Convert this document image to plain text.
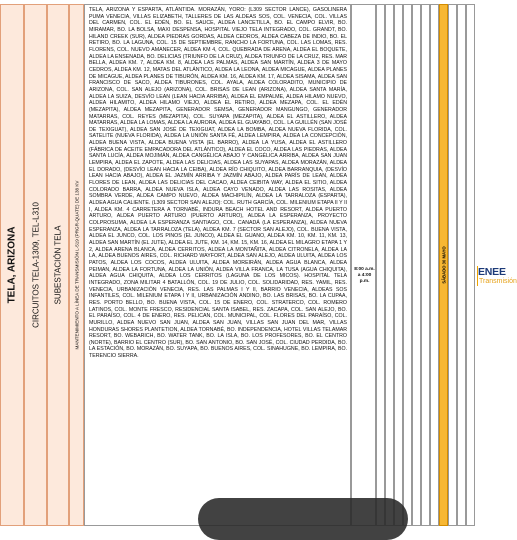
TELA, ARIZONA CIRCUITOS TELA-1309, TEL-L310 SUBESTACIÓN TELA	MANTENIMIENTO A LÍNEA DE TRANSMISIÓN L-519 (PRGR-QUATE) DE 138 KV
TELA, ARIZONA Y ESPARTA, ATLÁNTIDA. MORAZÁN, YORO: (L309 SECTOR LANCE), GASOLINERA PUMA VENECIA, VILLAS ELIZABETH, TALLERES DE LAS ALDEAS SOS, COL. VENECIA, COL. VILLAS DEL CARMEN, COL. EL EDÉN, BO. EL SAUCE, ALDEA LANCETILLA, BO. EL CAMPO ELVIR, BO. MIRAMAR, BO. LA BOLSA, MAXI DESPENSA, HOSPITAL VIEJO TELA INTEGRADO, COL. GRANDT, BO. HILAND CREEK (SUR), ALDEA PIEDRAS GORDAS, ALDEA CEDROS, ALDEA CABEZA DE INDIO, BO. EL RETIRO, BO. LA LAGUNA, COL. 15 DE SEPTIEMBRE, RANCHO LA FORTUNA, COL. LAS LOMAS, RES. FLORENS, COL. NUEVO AMANECER, ALDEA KM 4, COL. QUEBRADA DE ARENA, ALDEA EL BOQUETE, ALDEA LA ENSENADA, BO. DELICIAS (TRIUNFO DE LA CRUZ), ALDEA TRIUNFO DE LA CRUZ, RES. MAR BELLA, ALDEA KM. 7, ALDEA KM. 8, ALDEA LAS PALMAS, ALDEA SAN MARTÍN, ALDEA 3 DE MAYO CEDROS, ALDEA KM. 12, MATAS DEL ATLÁNTICO, ALDEA LA LEONA, ALDEA MICAGUE, ALDEA PLANES DE MICAGUE, ALDEA PLANES DE TIBURÓN, ALDEA KM. 16, ALDEA KM. 17, ALDEA SISAMA, ALDEA SAN FRANCISCO DE SACO, ALDEA TIBURONES, COL. AYALA, ALDEA COLORADITO, MUNICIPIO DE ARIZONA, COL. SAN ALEJO (ARIZONA), COL. BRISAS DE LEAN (ARIZONA), ALDEA SANTA MARÍA, ALDEA LA SUIZA, DESVÍO LEAN (LEAN HACIA ARRIBA), ALDEA EL EMPALME, ALDEA HILAMO NUEVO, ALDEA HILAMITO, ALDEA HILAMO VIEJO, ALDEA EL RETIRO, ALDEA MEZAPA, COL. EL EDÉN (MEZAPITA), ALDEA MEZAPITA, GENERADOR SEMSA, GENERADOR MANGUNGO, GENERADOR MATARRAS, COL. REYES (MEZAPITA), COL. SUYAPA (MEZAPITA), ALDEA EL ASTILLERO, ALDEA MATARRAS, ALDEA LA LOMAS, ALDEA LA AURORA, ALDEA EL GUAYABO, COL. LA GUILLÉN (SAN JOSÉ DE TEXIGUAT), ALDEA SAN JOSÉ DE TEXIGUAT, ALDEA LA BOMBA, ALDEA NUEVA FLORIDA, COL. SATELITE (NUEVA FLORIDA), ALDEA LA UNIÓN SANTA FÉ, ALDEA LEMPIRA, ALDEA LA CONCEPCIÓN, ALDEA BUENA VISTA, ALDEA BUENA VISTA (EL BARRO), ALDEA LA YUSA, ALDEA EL ASTILLERO (FÁBRICA DE ACEITE EMPACADORA DEL ATLÁNTICO), ALDEA EL COCO, ALDEA LAS PIEDRAS, ALDEA SANTA LUCÍA, ALDEA MOJIMÁN, ALDEA CANGÉLICA ABAJO Y CANGÉLICA ARRIBA, ALDEA SAN JUAN LEMPIRA, ALDEA EL ZAPOTE, ALDEA LAS DELICIAS, ALDEA LAS SUYAPAS, ALDEA MORAZÁN, ALDEA EL DORADO, (DESVÍO LEAN HACIA LA CEIBA), ALDEA RÍO CHIQUITO, ALDEA BARRANQUIA, (DESVÍO LEAN HACIA ABAJO), ALDEA EL JAZMÍN ARRIBA Y JAZMÍN ABAJO, ALDEA PARÍS DE LEAN, ALDEA FLORES DE LEAN, ALDEA LAS DELICIAS DEL CACAO, ALDEA CEIBITA WAY, ALDEA EL SITIO, ALDEA COLORADO BARRA, ALDEA NUEVA ISLA, ALDEA CAYO VENADO, ALDEA LAS ROSITAS, ALDEA SOMBRA VERDE, ALDEA CAMPO NUEVO, ALDEA MACHIPILÍN, ALDEA LA TARRALOZA (ESPARTA), ALDEA AGUA CALIENTE. (L309 SECTOR SAN ALEJO): COL. RUTH GARCÍA, COL. MILENIUM ETAPA II Y II I, ALDEA KM. 4 CARRETERA A TORNABÉ, INDURA BEACH HOTEL AND RESORT, ALDEA PUERTO ARTURO, ALDEA PUERTO ARTURO (PUERTO ARTURO), ALDEA LA ESPERANZA, PROYECTO COLPROSUMA, ALDEA LA ESPERANZA SANTIAGO, COL. CANADÁ (LA ESPERANZA), ALDEA NUEVA ESPERANZA, ALDEA LA TARRALOZA (TELA), ALDEA KM. 7 (SECTOR SAN ALEJO), COL. BUENA VISTA, ALDEA EL JUNCO, COL. LOS PINOS (EL JUNCO), ALDEA EL GUANO, ALDEA KM. 10, KM. 11, KM. 13, ALDEA SAN MARTÍN (EL JUTE), ALDEA EL JUTE, KM. 14, KM. 15, KM. 16, ALDEA EL MILAGRO ETAPA 1 Y 2, ALDEA ARENA BLANCA, ALDEA CERRITOS, ALDEA LA MONTAÑITA, ALDEA CITRONELA, ALDEA LA LA, ALDEA BUENOS AIRES, COL. RICHARD WAYFORT, ALDEA SAN ALEJO, ALDEA ULUITA, ALDEA LOS PATOS, ALDEA LOS COCOS, ALDEA ULUITA, ALDEA MOREIRÁN, ALDEA AGUA BLANCA, ALDEA PEIMAN, ALDEA LA FORTUNA, ALDEA LA UNIÓN, ALDEA VILLA FRANCA, LA TUSA (AGUA CHIQUITA), ALDEA AGUA CHIQUITA, ALDEA LOS CERRITOS (LAGUNA DE LOS MICOS). HOSPITAL TELA INTEGRADO, ZONA MILITAR 4 BATALLÓN, COL. 19 DE JULIO, COL. SOLIDARIDAD, RES. YAMIL, RES. VENECIA, URBANIZACIÓN VENECIA, RES. LAS PALMAS I Y II, BARRIO VENECIA, ALDEAS SOS INFANTILES, COL. MILENIUM ETAPA I Y II, URBANIZACIÓN ANDINO, BO. LAS BRISAS, BO. LA CUPAA, RES. PORTO BELLO, BO. BUENA VISTA, COL. 15 DE ENERO, COL. STRATERCO, COL. ROMERO LATINOS, COL. MONTE FRESCO, RESIDENCIAL SANTA ISABEL, RES. ZACAPA, COL. SAN ALEJO, BO. EL PARAÍSO, COL. 4 DE ENERO, RES. PELICAN, COL. MUNICIPAL, COL. FLORES DEL PARAÍSO, COL. MURILLO, ALDEA NUEVO SAN JUAN, ALDEA SAN JUAN, VILLAS SAN JUAN DEL MAR, VILLAS HONDURAS SHORES PLANTETION, ALDEA TORNABÉ, BO. INDEPENDENCIA, HOTEL VILLAS TELAMAR RESORT, BO. WEBARICH, BO. WATER TANK, BO. LA ISLA, BO. LOS PROFESORES, BO. EL CENTRO (NORTE), BARRIO EL CENTRO (SUR), BO. SAN ANTONIO, BO. SAN JOSÉ, COL. CIUDAD PERDIDA, BO. LA ESTACIÓN, BO. MORAZÁN, BO. SUYAPA, BO. BUENOS AIRES, COL. SINAHUGNE, BO. LEMPIRA, BO. TERENCIO SIERRA.
8:00 a.m. a 4:00 p.m.	SÁBADO 30 MAYO	ENEE
Transmisión
